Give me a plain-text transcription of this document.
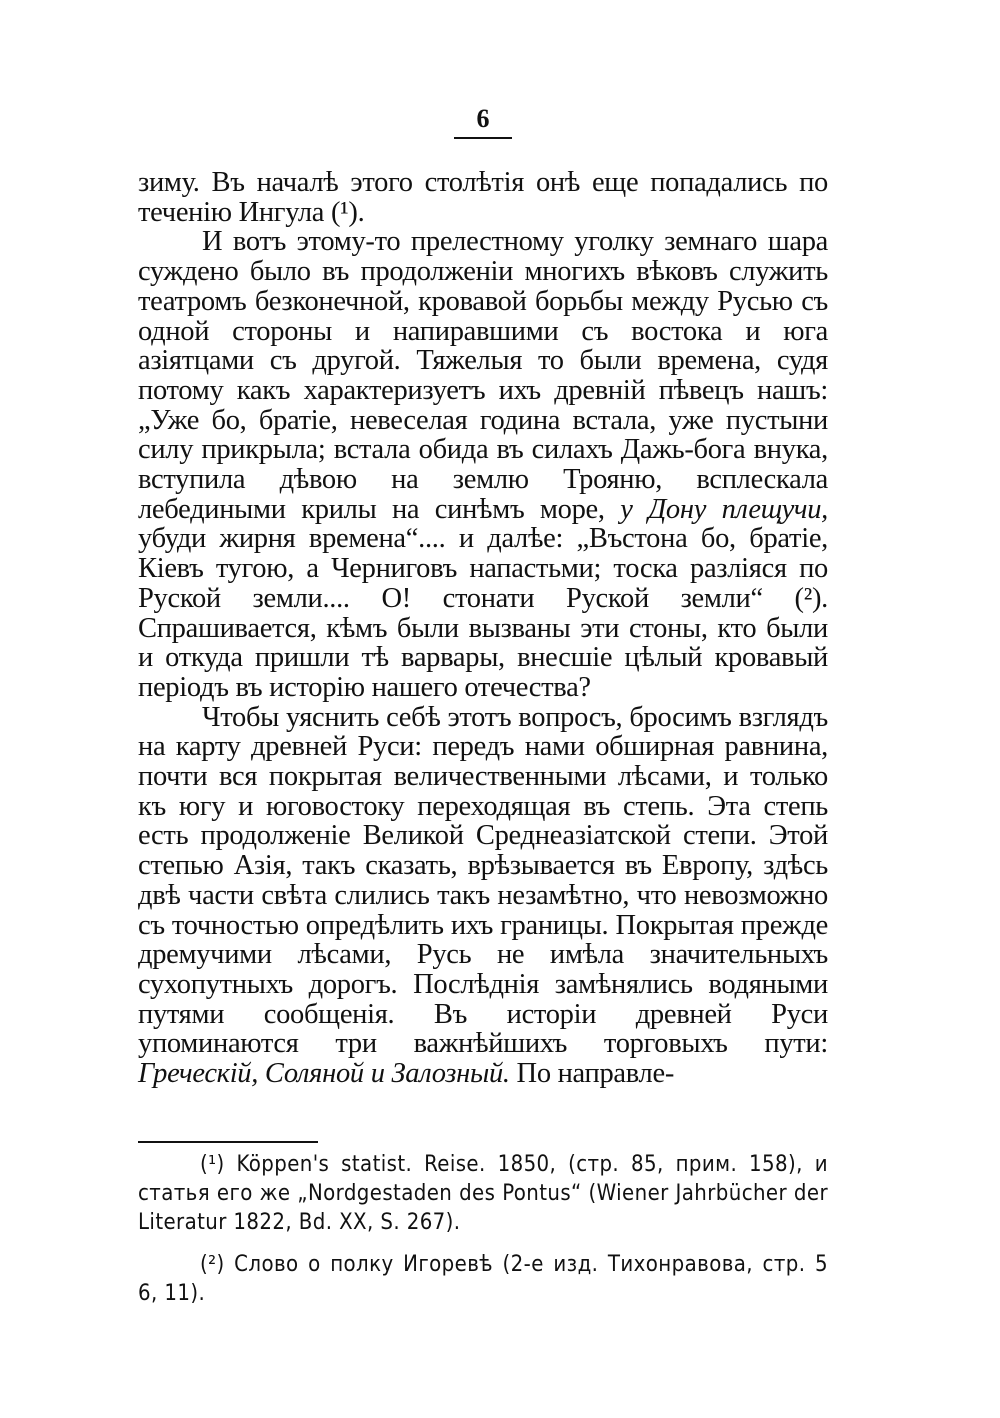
6

зиму. Въ началѣ этого столѣтія онѣ еще попадались по теченію Ингула (¹).

И вотъ этому-то прелестному уголку земнаго шара суждено было въ продолженіи многихъ вѣковъ служить театромъ безконечной, кровавой борьбы между Русью съ одной стороны и напиравшими съ востока и юга азіятцами съ другой. Тяжелыя то были времена, судя потому какъ характеризуетъ ихъ древній пѣвецъ нашъ: „Уже бо, братіе, невеселая година встала, уже пустыни силу прикрыла; встала обида въ силахъ Дажь-бога внука, вступила дѣвою на землю Трояню, всплескала лебедиными крилы на синѣмъ море, у Дону плещучи, убуди жирня времена“.... и далѣе: „Въстона бо, братіе, Кіевъ тугою, а Черниговъ напастьми; тоска разліяся по Руской земли.... О! стонати Руской земли“ (²). Спрашивается, кѣмъ были вызваны эти стоны, кто были и откуда пришли тѣ варвары, внесшіе цѣлый кровавый періодъ въ исторію нашего отечества?

Чтобы уяснить себѣ этотъ вопросъ, бросимъ взглядъ на карту древней Руси: передъ нами обширная равнина, почти вся покрытая величественными лѣсами, и только къ югу и юговостоку переходящая въ степь. Эта степь есть продолженіе Великой Среднеазіатской степи. Этой степью Азія, такъ сказать, врѣзывается въ Европу, здѣсь двѣ части свѣта слились такъ незамѣтно, что невозможно съ точностью опредѣлить ихъ границы. Покрытая прежде дремучими лѣсами, Русь не имѣла значительныхъ сухопутныхъ дорогъ. Послѣднія замѣнялись водяными путями сообщенія. Въ исторіи древней Руси упоминаются три важнѣйшихъ торговыхъ пути: Греческій, Солянoй и Залозный. По направле-

(¹) Köppen's statist. Reise. 1850, (стр. 85, прим. 158), и статья его же „Nordgestaden des Pontus“ (Wiener Jahrbücher der Literatur 1822, Bd. XX, S. 267).

(²) Слово о полку Игоревѣ (2-е изд. Тихонравова, стр. 5 6, 11).
